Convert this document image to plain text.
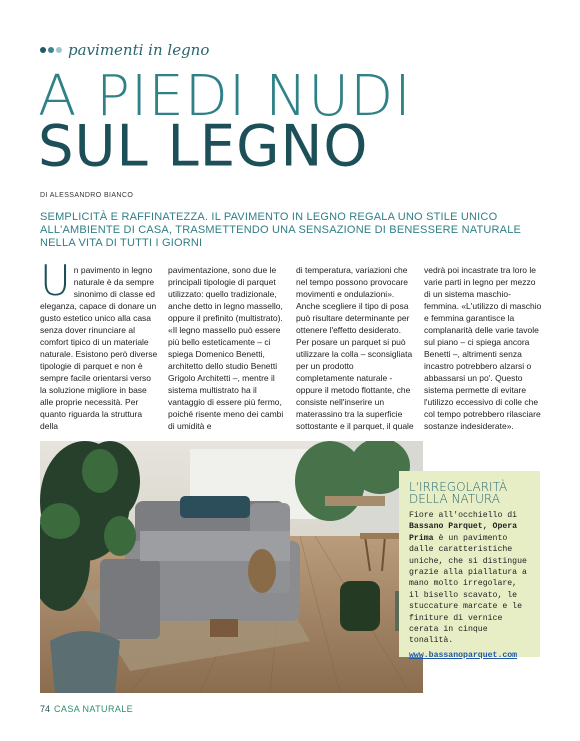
pavimenti in legno
A PIEDI NUDI
SUL LEGNO
DI ALESSANDRO BIANCO

SEMPLICITÀ E RAFFINATEZZA. IL PAVIMENTO IN LEGNO REGALA UNO STILE UNICO ALL'AMBIENTE DI CASA, TRASMETTENDO UNA SENSAZIONE DI BENESSERE NATURALE NELLA VITA DI TUTTI I GIORNI

Un pavimento in legno naturale è da sempre sinonimo di classe ed eleganza, capace di donare un gusto estetico unico alla casa senza dover rinunciare al comfort tipico di un materiale naturale. Esistono però diverse tipologie di parquet e non è sempre facile orientarsi verso la soluzione migliore in base alle proprie necessità. Per quanto riguarda la struttura della

pavimentazione, sono due le principali tipologie di parquet utilizzato: quello tradizionale, anche detto in legno massello, oppure il prefinito (multistrato). «Il legno massello può essere più bello esteticamente – ci spiega Domenico Benetti, architetto dello studio Benetti Grigolo Architetti –, mentre il sistema multistrato ha il vantaggio di essere più fermo, poiché risente meno dei cambi di umidità e

di temperatura, variazioni che nel tempo possono provocare movimenti e ondulazioni». Anche scegliere il tipo di posa può risultare determinante per ottenere l'effetto desiderato. Per posare un parquet si può utilizzare la colla – sconsigliata per un prodotto completamente naturale - oppure il metodo flottante, che consiste nell'inserire un materassino tra la superficie sottostante e il parquet, il quale

vedrà poi incastrate tra loro le varie parti in legno per mezzo di un sistema maschio-femmina. «L'utilizzo di maschio e femmina garantisce la complanarità delle varie tavole sul piano – ci spiega ancora Benetti –, altrimenti senza incastro potrebbero alzarsi o abbassarsi un po'. Questo sistema permette di evitare l'utilizzo eccessivo di colle che col tempo potrebbero rilasciare sostanze indesiderate».

L'IRREGOLARITÀ
DELLA NATURA

Fiore all'occhiello di Bassano Parquet, Opera Prima è un pavimento dalle caratteristiche uniche, che si distingue grazie alla piallatura a mano molto irregolare, il bisello scavato, le stuccature marcate e le finiture di vernice cerata in cinque tonalità.

www.bassanoparquet.com
74 CASA NATURALE
